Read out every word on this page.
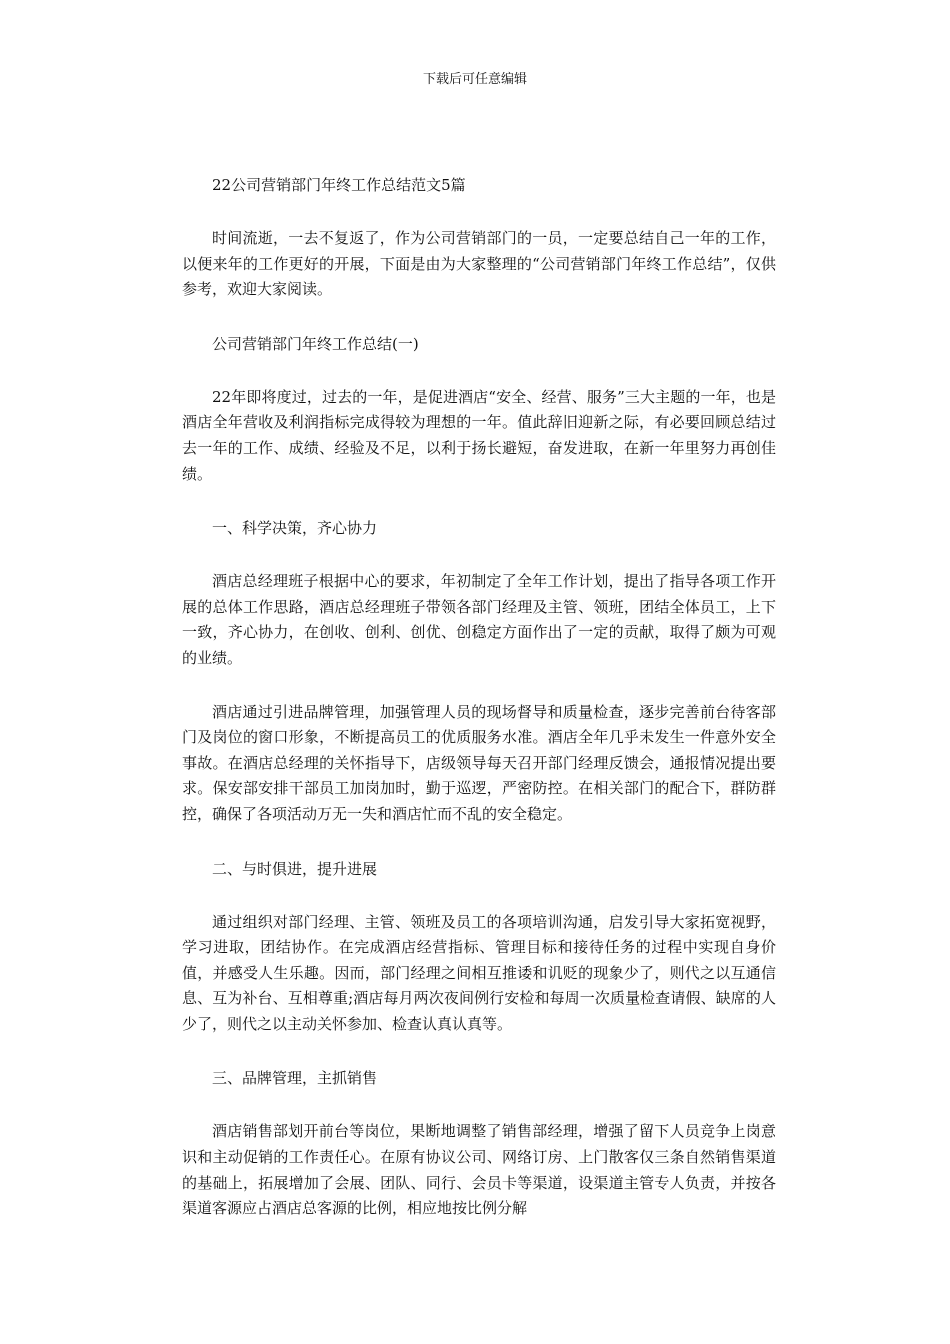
下载后可任意编辑
22公司营销部门年终工作总结范文5篇
时间流逝，一去不复返了，作为公司营销部门的一员，一定要总结自己一年的工作，以便来年的工作更好的开展，下面是由为大家整理的“公司营销部门年终工作总结”，仅供参考，欢迎大家阅读。
公司营销部门年终工作总结(一)
22年即将度过，过去的一年，是促进酒店“安全、经营、服务”三大主题的一年，也是酒店全年营收及利润指标完成得较为理想的一年。值此辞旧迎新之际，有必要回顾总结过去一年的工作、成绩、经验及不足，以利于扬长避短，奋发进取，在新一年里努力再创佳绩。
一、科学决策，齐心协力
酒店总经理班子根据中心的要求，年初制定了全年工作计划，提出了指导各项工作开展的总体工作思路，酒店总经理班子带领各部门经理及主管、领班，团结全体员工，上下一致，齐心协力，在创收、创利、创优、创稳定方面作出了一定的贡献，取得了颇为可观的业绩。
酒店通过引进品牌管理，加强管理人员的现场督导和质量检查，逐步完善前台待客部门及岗位的窗口形象，不断提高员工的优质服务水准。酒店全年几乎未发生一件意外安全事故。在酒店总经理的关怀指导下，店级领导每天召开部门经理反馈会，通报情况提出要求。保安部安排干部员工加岗加时，勤于巡逻，严密防控。在相关部门的配合下，群防群控，确保了各项活动万无一失和酒店忙而不乱的安全稳定。
二、与时俱进，提升进展
通过组织对部门经理、主管、领班及员工的各项培训沟通，启发引导大家拓宽视野，学习进取，团结协作。在完成酒店经营指标、管理目标和接待任务的过程中实现自身价值，并感受人生乐趣。因而，部门经理之间相互推诿和讥贬的现象少了，则代之以互通信息、互为补台、互相尊重;酒店每月两次夜间例行安检和每周一次质量检查请假、缺席的人少了，则代之以主动关怀参加、检查认真认真等。
三、品牌管理，主抓销售
酒店销售部划开前台等岗位，果断地调整了销售部经理，增强了留下人员竞争上岗意识和主动促销的工作责任心。在原有协议公司、网络订房、上门散客仅三条自然销售渠道的基础上，拓展增加了会展、团队、同行、会员卡等渠道，设渠道主管专人负责，并按各渠道客源应占酒店总客源的比例，相应地按比例分解
